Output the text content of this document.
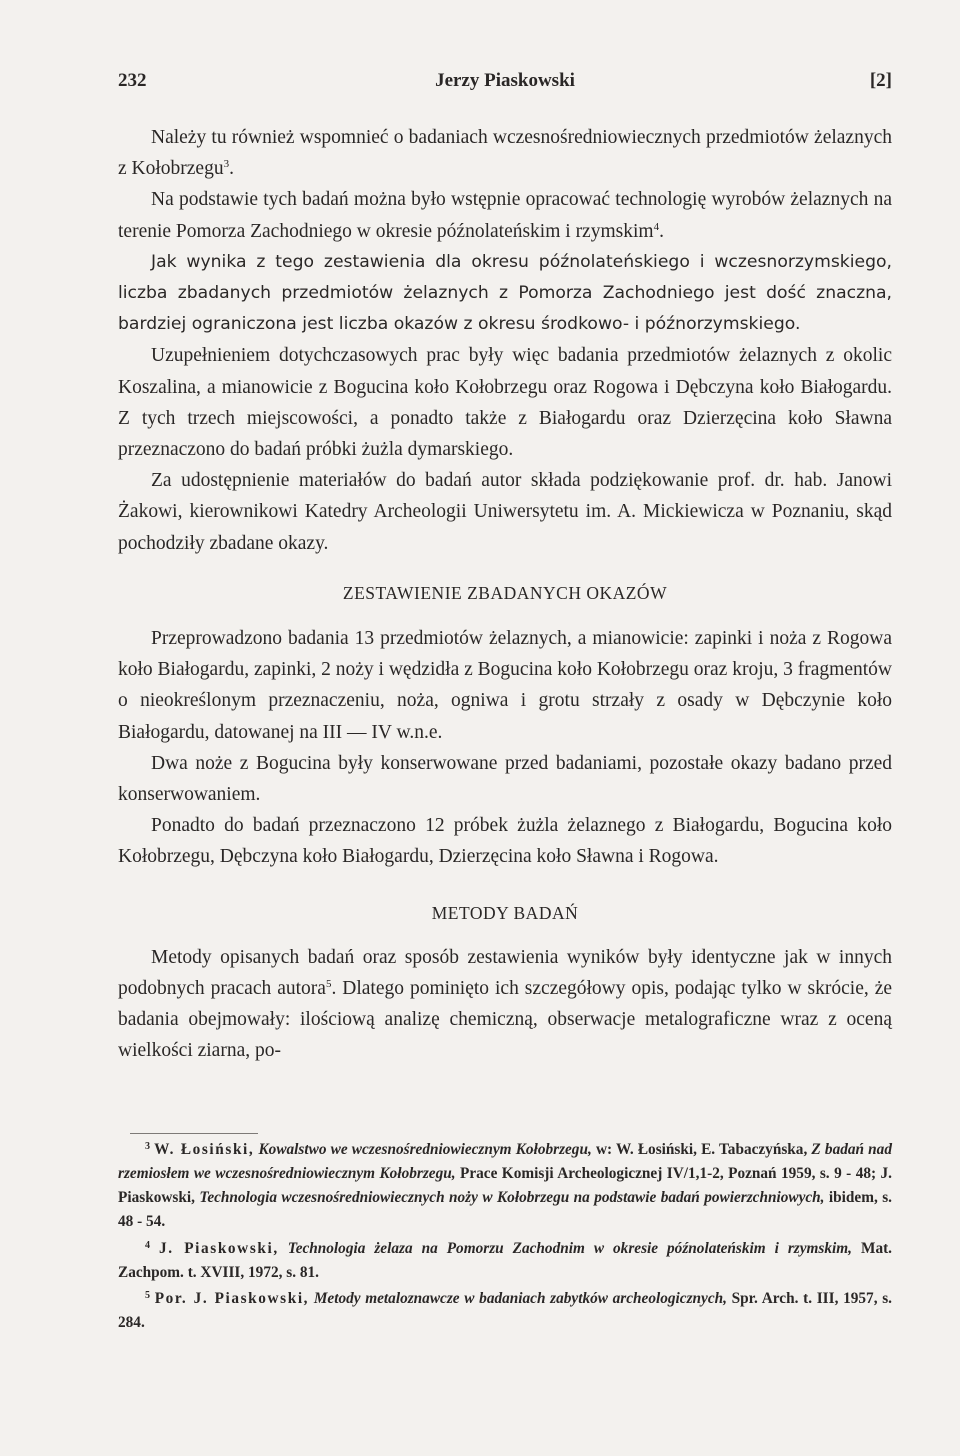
232	Jerzy Piaskowski	[2]

Należy tu również wspomnieć o badaniach wczesnośredniowiecznych przedmiotów żelaznych z Kołobrzegu$^3$.

Na podstawie tych badań można było wstępnie opracować technologię wyrobów żelaznych na terenie Pomorza Zachodniego w okresie późnolateńskim i rzymskim$^4$.

Jak wynika z tego zestawienia dla okresu późnolateńskiego i wczesnorzymskiego, liczba zbadanych przedmiotów żelaznych z Pomorza Zachodniego jest dość znaczna, bardziej ograniczona jest liczba okazów z okresu środkowo- i późnorzymskiego.

Uzupełnieniem dotychczasowych prac były więc badania przedmiotów żelaznych z okolic Koszalina, a mianowicie z Bogucina koło Kołobrzegu oraz Rogowa i Dębczyna koło Białogardu. Z tych trzech miejscowości, a ponadto także z Białogardu oraz Dzierzęcina koło Sławna przeznaczono do badań próbki żużla dymarskiego.

Za udostępnienie materiałów do badań autor składa podziękowanie prof. dr. hab. Janowi Żakowi, kierownikowi Katedry Archeologii Uniwersytetu im. A. Mickiewicza w Poznaniu, skąd pochodziły zbadane okazy.

ZESTAWIENIE ZBADANYCH OKAZÓW

Przeprowadzono badania 13 przedmiotów żelaznych, a mianowicie: zapinki i noża z Rogowa koło Białogardu, zapinki, 2 noży i wędzidła z Bogucina koło Kołobrzegu oraz kroju, 3 fragmentów o nieokreślonym przeznaczeniu, noża, ogniwa i grotu strzały z osady w Dębczynie koło Białogardu, datowanej na III — IV w.n.e.

Dwa noże z Bogucina były konserwowane przed badaniami, pozostałe okazy badano przed konserwowaniem.

Ponadto do badań przeznaczono 12 próbek żużla żelaznego z Białogardu, Bogucina koło Kołobrzegu, Dębczyna koło Białogardu, Dzierzęcina koło Sławna i Rogowa.

METODY BADAŃ

Metody opisanych badań oraz sposób zestawienia wyników były identyczne jak w innych podobnych pracach autora$^5$. Dlatego pominięto ich szczegółowy opis, podając tylko w skrócie, że badania obejmowały: ilościową analizę chemiczną, obserwacje metalograficzne wraz z oceną wielkości ziarna, po-

$^3$ W. Łosiński, Kowalstwo we wczesnośredniowiecznym Kołobrzegu, w: W. Łosiński, E. Tabaczyńska, Z badań nad rzemiosłem we wczesnośredniowiecznym Kołobrzegu, Prace Komisji Archeologicznej IV/1,1-2, Poznań 1959, s. 9 - 48; J. Piaskowski, Technologia wczesnośredniowiecznych noży w Kołobrzegu na podstawie badań powierzchniowych, ibidem, s. 48 - 54.

$^4$ J. Piaskowski, Technologia żelaza na Pomorzu Zachodnim w okresie późnolateńskim i rzymskim, Mat. Zachpom. t. XVIII, 1972, s. 81.

$^5$ Por. J. Piaskowski, Metody metaloznawcze w badaniach zabytków archeologicznych, Spr. Arch. t. III, 1957, s. 284.
